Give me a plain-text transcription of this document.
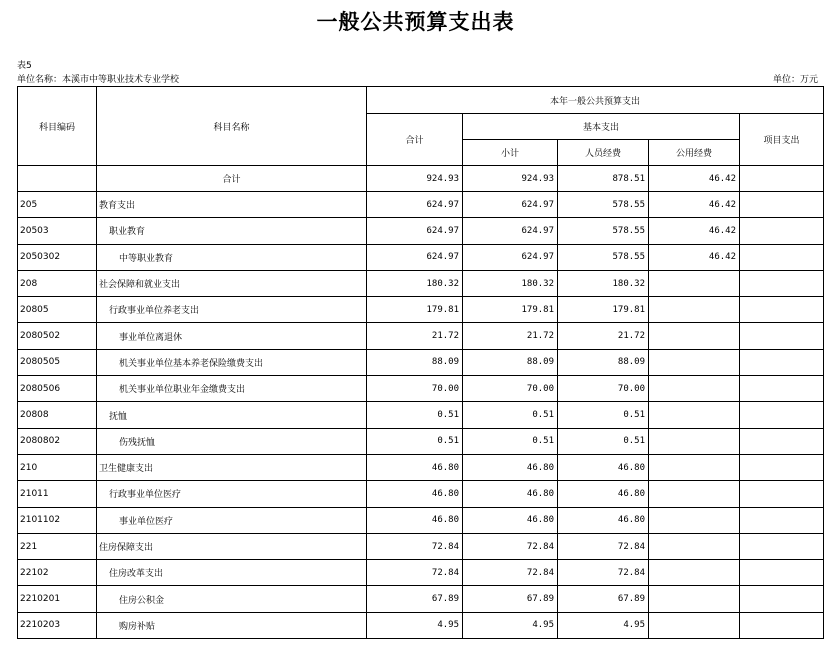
一般公共预算支出表
表5
单位名称：本溪市中等职业技术专业学校	单位：万元
科目编码	科目名称	本年一般公共预算支出				
		合计	基本支出			项目支出
			小计	人员经费	公用经费	
	合计	924.93	924.93	878.51	46.42	
205	教育支出	624.97	624.97	578.55	46.42	
20503	职业教育	624.97	624.97	578.55	46.42	
2050302	中等职业教育	624.97	624.97	578.55	46.42	
208	社会保障和就业支出	180.32	180.32	180.32		
20805	行政事业单位养老支出	179.81	179.81	179.81		
2080502	事业单位离退休	21.72	21.72	21.72		
2080505	机关事业单位基本养老保险缴费支出	88.09	88.09	88.09		
2080506	机关事业单位职业年金缴费支出	70.00	70.00	70.00		
20808	抚恤	0.51	0.51	0.51		
2080802	伤残抚恤	0.51	0.51	0.51		
210	卫生健康支出	46.80	46.80	46.80		
21011	行政事业单位医疗	46.80	46.80	46.80		
2101102	事业单位医疗	46.80	46.80	46.80		
221	住房保障支出	72.84	72.84	72.84		
22102	住房改革支出	72.84	72.84	72.84		
2210201	住房公积金	67.89	67.89	67.89		
2210203	购房补贴	4.95	4.95	4.95		
